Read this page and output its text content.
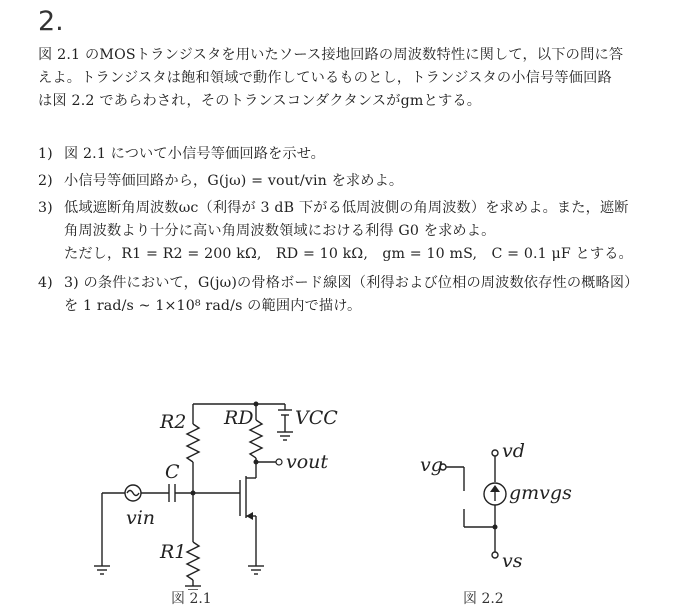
2.
図 2.1 のMOSトランジスタを用いたソース接地回路の周波数特性に関して，以下の問に答
えよ。トランジスタは飽和領域で動作しているものとし，トランジスタの小信号等価回路
は図 2.2 であらわされ，そのトランスコンダクタンスがgmとする。
1) 図 2.1 について小信号等価回路を示せ。
2) 小信号等価回路から，G(jω) = vout/vin を求めよ。
3) 低域遮断角周波数ωc（利得が 3 dB 下がる低周波側の角周波数）を求めよ。また，遮断
角周波数より十分に高い角周波数領域における利得 G0 を求めよ。
ただし，R1 = R2 = 200 kΩ,　RD = 10 kΩ,　gm = 10 mS,　C = 0.1 μF とする。
4) 3) の条件において，G(jω)の骨格ボード線図（利得および位相の周波数依存性の概略図）
を 1 rad/s ~ 1×10⁸ rad/s の範囲内で描け。
R2 RD VCC
C	vout
vin
R1
図 2.1
vd
vg
gmvgs
vs
図 2.2
